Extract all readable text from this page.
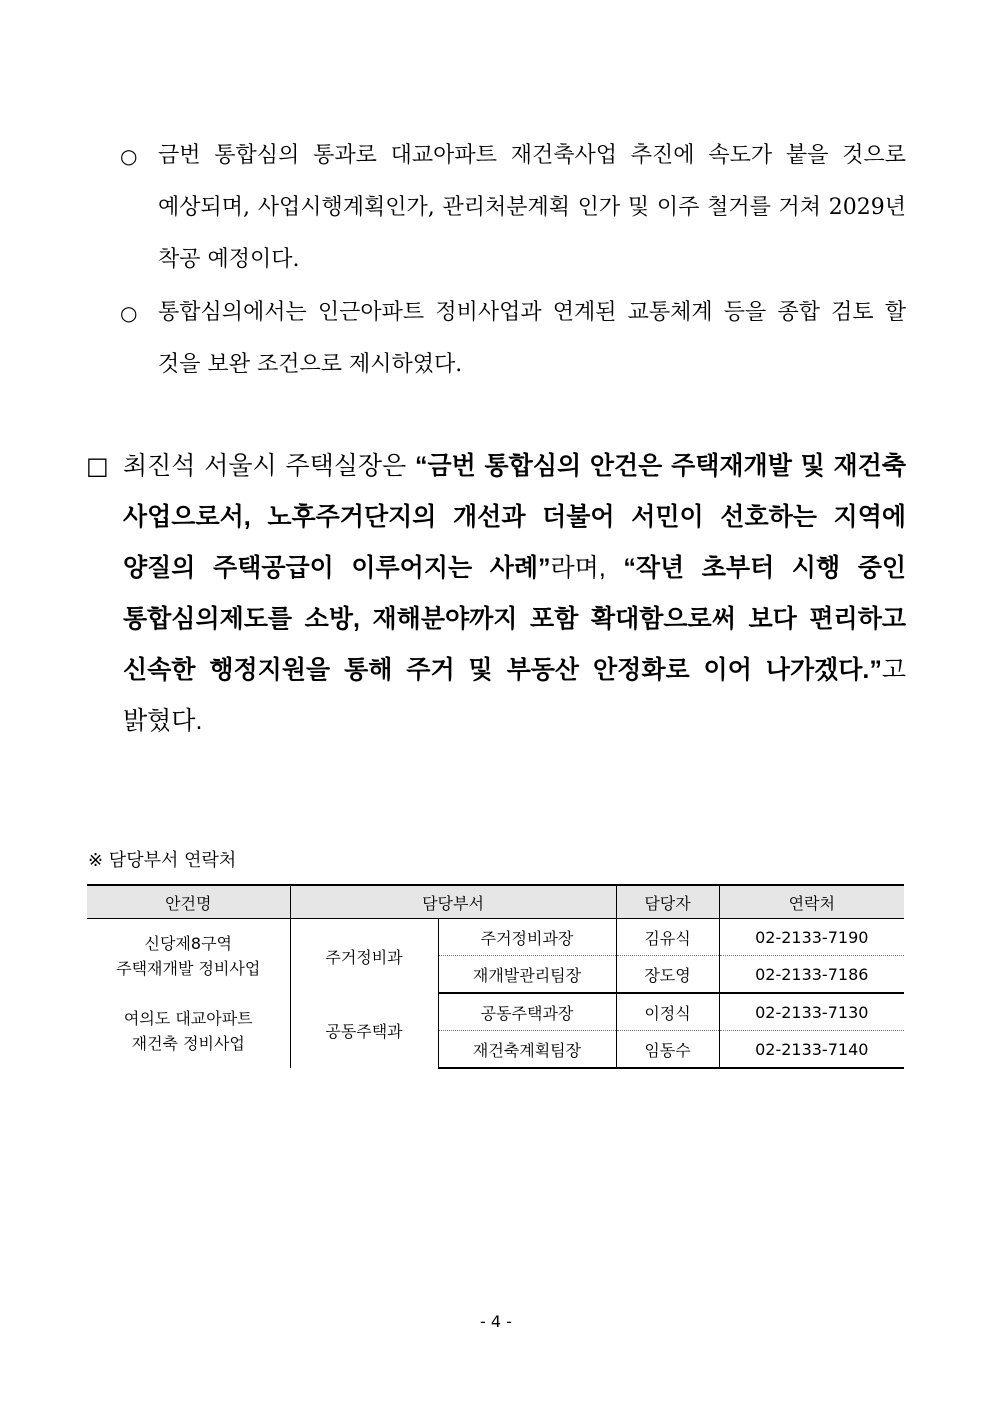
○ 금번 통합심의 통과로 대교아파트 재건축사업 추진에 속도가 붙을 것으로 예상되며, 사업시행계획인가, 관리처분계획 인가 및 이주 철거를 거쳐 2029년 착공 예정이다.
○ 통합심의에서는 인근아파트 정비사업과 연계된 교통체계 등을 종합 검토 할 것을 보완 조건으로 제시하였다.
□ 최진석 서울시 주택실장은 “금번 통합심의 안건은 주택재개발 및 재건축 사업으로서, 노후주거단지의 개선과 더불어 서민이 선호하는 지역에 양질의 주택공급이 이루어지는 사례”라며, “작년 초부터 시행 중인 통합심의제도를 소방, 재해분야까지 포함 확대함으로써 보다 편리하고 신속한 행정지원을 통해 주거 및 부동산 안정화로 이어 나가겠다.”고 밝혔다.
※ 담당부서 연락처
안건명	담당부서		담당자	연락처

신당제8구역
주택재개발 정비사업	주거정비과	주거정비과장	김유식	02-2133-7190
		재개발관리팀장	장도영	02-2133-7186

여의도 대교아파트
재건축 정비사업	공동주택과	공동주택과장	이정식	02-2133-7130
		재건축계획팀장	임동수	02-2133-7140
- 4 -
